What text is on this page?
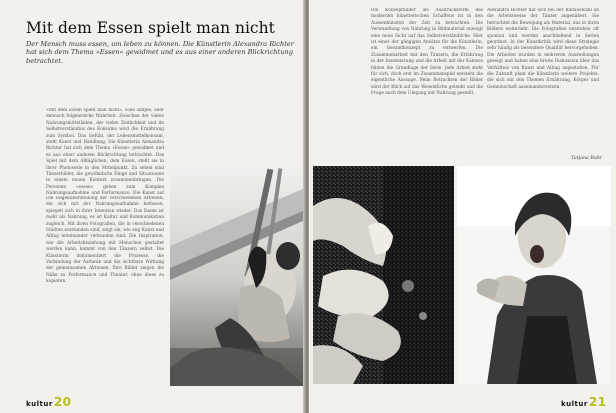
Mit dem Essen spielt man nicht
Der Mensch muss essen, um leben zu können. Die Künstlerin Alexandra Richter hat sich dem Thema »Essen« gewidmet und es aus einer anderen Blickrichtung betrachtet.
»Mit dem Essen spielt man nicht«. Eine simple, aber dennoch folgenreiche Wahrheit. Zwischen der vielen Nahrungsmittelläden, der vielen Zeitlichkeit und im Selbstverständnis des Konsums wird die Ernährung zum Symbol. Das Gefühl, der Lebensmittelkonsum, steht Kunst und Handlung. Die Künstlerin Alexandra Richter hat sich dem Thema »Essen« gewidmet und es aus einer anderen Blickrichtung betrachtet. Das Spiel mit dem Alltäglichen, dem Essen, stellt sie in ihrer Photoserie in den Mittelpunkt. Zu sehen sind Tänzerbilder, die gewöhnliche Dinge und Situationen in einem neuen Kontext zusammenbringen. Die Personen »essen« gehen zum Komplex Nahrungsaufnahme und Performance. Die Kunst auf
Die Gegenüberstellung der verschiedenen Arbeiten, die sich mit der Nahrungsaufnahme befassen, spiegelt sich in ihrer Intention wieder. Das Essen ist mehr als Nahrung, es ist Kultur und Kommunikation zugleich. Mit ihren Fotografien, die in verschiedenen Städten entstanden sind, zeigt sie, wie eng Kunst und Alltag miteinander verbunden sind. Die Inspiration, wie die Arbeitsbeziehung mit Menschen gestaltet werden kann, kommt von den Tänzern selbst. Die Künstlerin dokumentiert die Prozesse, die Verbindung der Ästhetik und die sichtbare Wirkung der gemeinsamen Aktionen. Ihre Bilder zeigen die Nähe zu Performance und Theater, ohne diese zu kopieren.
kultur20
Die Konzeptbilder als Ausdrucksform des modernen künstlerischen Schaffens ist in den Aussenkünsten der Zeit zu betrachten. Die Verwandlung von Nahrung in Bildmaterial erzeugt eine neue Sicht auf das Selbstverständliche. Hier ist einer der gängigen Ansätze für die Künstlerin, ein Gesamtkonzept zu entwerfen. Die Zusammenarbeit mit den Tänzern, die Erfahrung in der Inszenierung und die Arbeit mit der Kamera bilden die Grundlage der Serie. Jede Arbeit steht für sich, doch erst im Zusammenspiel entsteht die eigentliche Aussage. Beim Betrachten der Bilder wird der Blick auf das Wesentliche gelenkt und die Frage nach dem Umgang mit Nahrung gestellt.
Alexandra Richter hat sich bei der Bildauswahl an die Arbeitsweise der Tänzer angenähert. Sie betrachtet die Bewegung als Material, das in ihren Bildern weiterlebt. Die Fotografien entstehen oft spontan und werden anschließend in Serien geordnet. In der Kunstkritik wird diese Strategie sehr häufig als besondere Qualität hervorgehoben. Die Arbeiten wurden in mehreren Ausstellungen gezeigt und haben eine breite Diskussion über das Verhältnis von Kunst und Alltag angestoßen. Für die Zukunft plant die Künstlerin weitere Projekte, die sich mit den Themen Ernährung, Körper und Gemeinschaft auseinandersetzen.
Tatjana Bahr
kultur21
